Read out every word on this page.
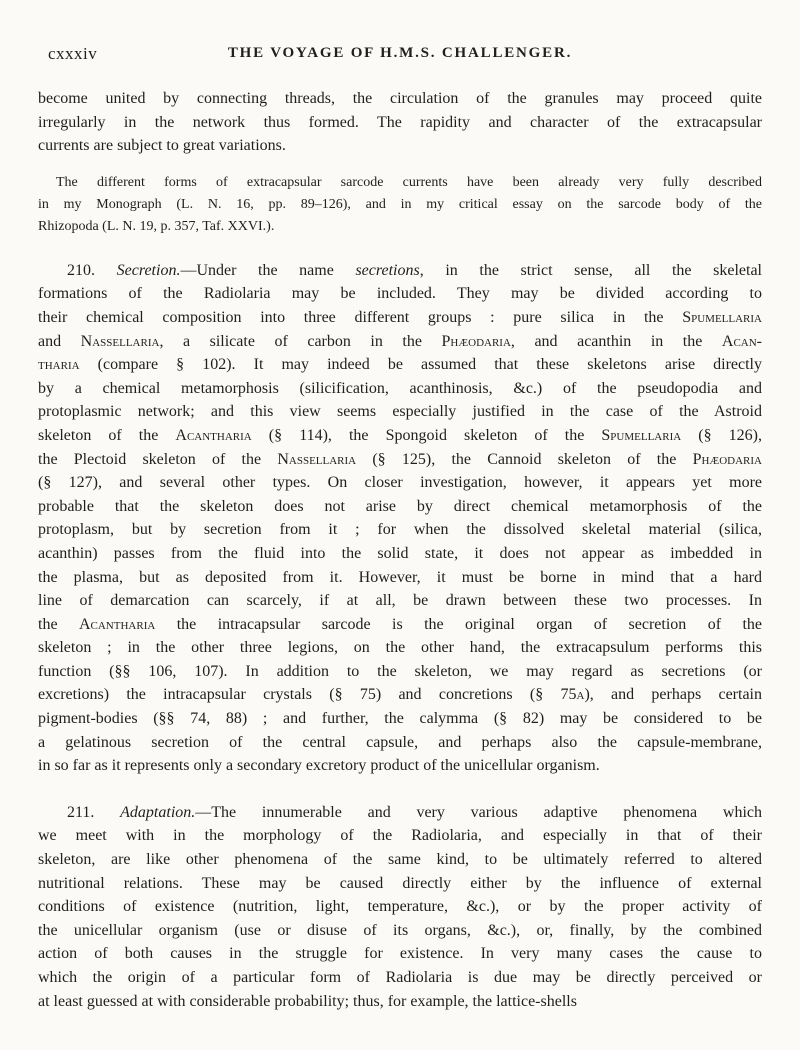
cxxxiv	THE VOYAGE OF H.M.S. CHALLENGER.
become united by connecting threads, the circulation of the granules may proceed quite
irregularly in the network thus formed. The rapidity and character of the extracapsular
currents are subject to great variations.
The different forms of extracapsular sarcode currents have been already very fully described
in my Monograph (L. N. 16, pp. 89–126), and in my critical essay on the sarcode body of the
Rhizopoda (L. N. 19, p. 357, Taf. XXVI.).
210. Secretion.—Under the name secretions, in the strict sense, all the skeletal
formations of the Radiolaria may be included. They may be divided according to
their chemical composition into three different groups : pure silica in the Spumellaria
and Nassellaria, a silicate of carbon in the Phæodaria, and acanthin in the Acan-
tharia (compare § 102). It may indeed be assumed that these skeletons arise directly
by a chemical metamorphosis (silicification, acanthinosis, &c.) of the pseudopodia and
protoplasmic network; and this view seems especially justified in the case of the Astroid
skeleton of the Acantharia (§ 114), the Spongoid skeleton of the Spumellaria (§ 126),
the Plectoid skeleton of the Nassellaria (§ 125), the Cannoid skeleton of the Phæodaria
(§ 127), and several other types. On closer investigation, however, it appears yet more
probable that the skeleton does not arise by direct chemical metamorphosis of the
protoplasm, but by secretion from it ; for when the dissolved skeletal material (silica,
acanthin) passes from the fluid into the solid state, it does not appear as imbedded in
the plasma, but as deposited from it. However, it must be borne in mind that a hard
line of demarcation can scarcely, if at all, be drawn between these two processes. In
the Acantharia the intracapsular sarcode is the original organ of secretion of the
skeleton ; in the other three legions, on the other hand, the extracapsulum performs this
function (§§ 106, 107). In addition to the skeleton, we may regard as secretions (or
excretions) the intracapsular crystals (§ 75) and concretions (§ 75a), and perhaps certain
pigment-bodies (§§ 74, 88) ; and further, the calymma (§ 82) may be considered to be
a gelatinous secretion of the central capsule, and perhaps also the capsule-membrane,
in so far as it represents only a secondary excretory product of the unicellular organism.
211. Adaptation.—The innumerable and very various adaptive phenomena which
we meet with in the morphology of the Radiolaria, and especially in that of their
skeleton, are like other phenomena of the same kind, to be ultimately referred to altered
nutritional relations. These may be caused directly either by the influence of external
conditions of existence (nutrition, light, temperature, &c.), or by the proper activity of
the unicellular organism (use or disuse of its organs, &c.), or, finally, by the combined
action of both causes in the struggle for existence. In very many cases the cause to
which the origin of a particular form of Radiolaria is due may be directly perceived or
at least guessed at with considerable probability; thus, for example, the lattice-shells
